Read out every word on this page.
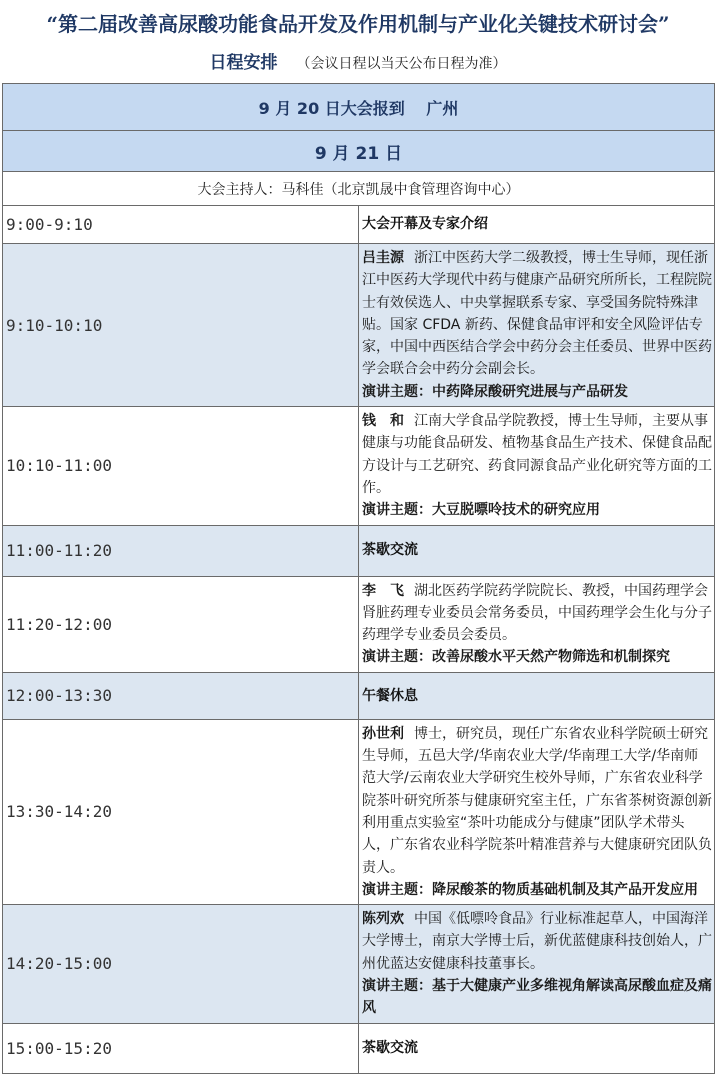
“第二届改善高尿酸功能食品开发及作用机制与产业化关键技术研讨会”
日程安排 （会议日程以当天公布日程为准）
9 月 20 日大会报到　 广州	
9 月 21 日	
大会主持人：马科佳（北京凯晟中食管理咨询中心）	
9:00-9:10	大会开幕及专家介绍
9:10-10:10	吕圭源 浙江中医药大学二级教授，博士生导师，现任浙江中医药大学现代中药与健康产品研究所所长，工程院院士有效侯选人、中央掌握联系专家、享受国务院特殊津贴。国家 CFDA 新药、保健食品审评和安全风险评估专家，中国中西医结合学会中药分会主任委员、世界中医药学会联合会中药分会副会长。
演讲主题：中药降尿酸研究进展与产品研发
10:10-11:00	钱　和 江南大学食品学院教授，博士生导师，主要从事健康与功能食品研发、植物基食品生产技术、保健食品配方设计与工艺研究、药食同源食品产业化研究等方面的工作。
演讲主题：大豆脱嘌呤技术的研究应用
11:00-11:20	茶歇交流
11:20-12:00	李　飞 湖北医药学院药学院院长、教授，中国药理学会肾脏药理专业委员会常务委员，中国药理学会生化与分子药理学专业委员会委员。
演讲主题：改善尿酸水平天然产物筛选和机制探究
12:00-13:30	午餐休息
13:30-14:20	孙世利 博士，研究员，现任广东省农业科学院硕士研究生导师，五邑大学/华南农业大学/华南理工大学/华南师范大学/云南农业大学研究生校外导师，广东省农业科学院茶叶研究所茶与健康研究室主任，广东省茶树资源创新利用重点实验室“茶叶功能成分与健康”团队学术带头人，广东省农业科学院茶叶精准营养与大健康研究团队负责人。
演讲主题：降尿酸茶的物质基础机制及其产品开发应用
14:20-15:00	陈列欢 中国《低嘌呤食品》行业标准起草人，中国海洋大学博士，南京大学博士后，新优蓝健康科技创始人，广州优蓝达安健康科技董事长。
演讲主题：基于大健康产业多维视角解读高尿酸血症及痛风
15:00-15:20	茶歇交流
